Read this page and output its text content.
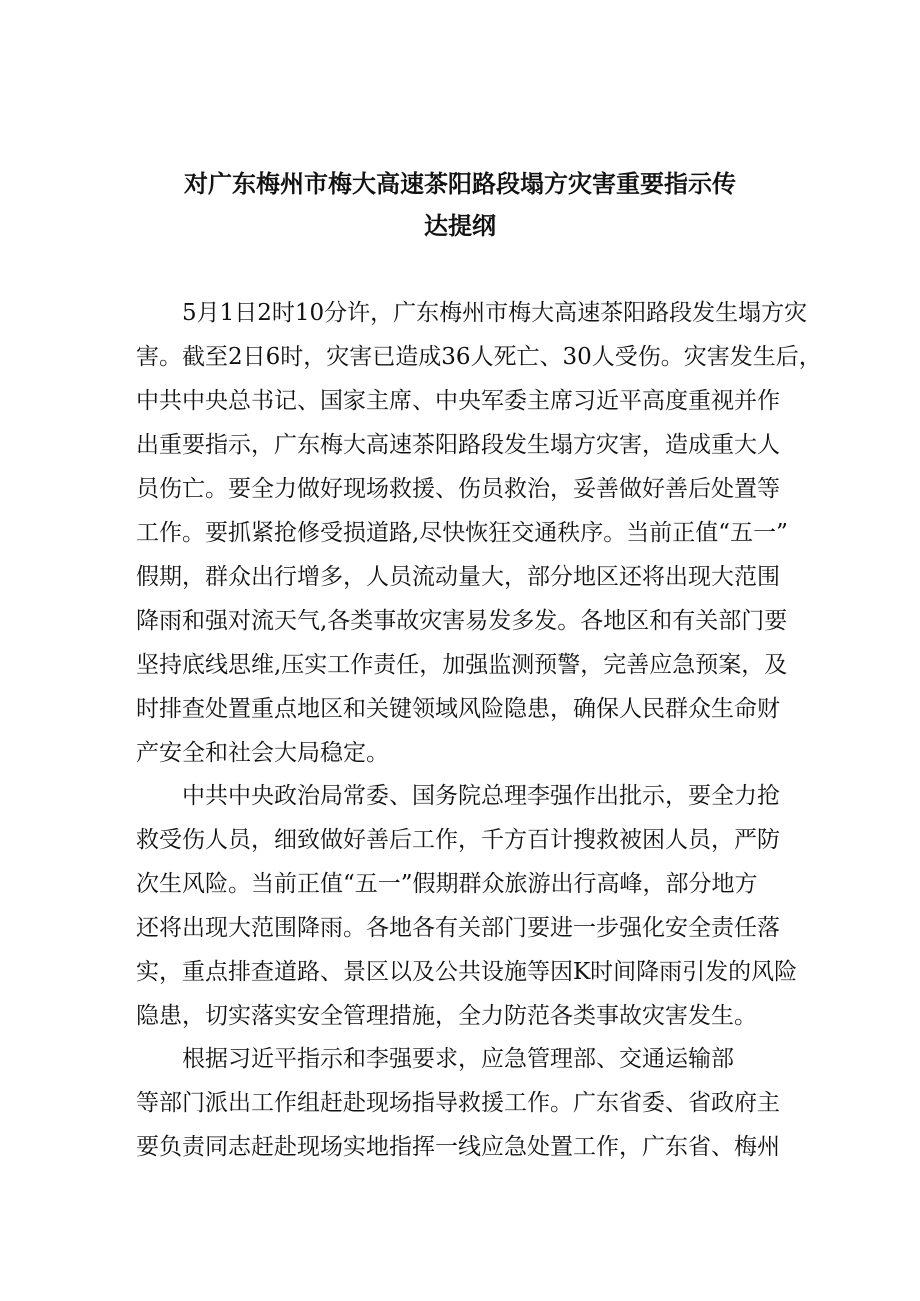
对广东梅州市梅大高速茶阳路段塌方灾害重要指示传
达提纲
5月1日2时10分许，广东梅州市梅大高速茶阳路段发生塌方灾
害。截至2日6时，灾害已造成36人死亡、30人受伤。灾害发生后，
中共中央总书记、国家主席、中央军委主席习近平高度重视并作
出重要指示，广东梅大高速茶阳路段发生塌方灾害，造成重大人
员伤亡。要全力做好现场救援、伤员救治，妥善做好善后处置等
工作。要抓紧抢修受损道路,尽快恢狂交通秩序。当前正值“五一”
假期，群众出行增多，人员流动量大，部分地区还将出现大范围
降雨和强对流天气,各类事故灾害易发多发。各地区和有关部门要
坚持底线思维,压实工作责任，加强监测预警，完善应急预案，及
时排查处置重点地区和关键领域风险隐患，确保人民群众生命财
产安全和社会大局稳定。
中共中央政治局常委、国务院总理李强作出批示，要全力抢
救受伤人员，细致做好善后工作，千方百计搜救被困人员，严防
次生风险。当前正值“五一”假期群众旅游出行高峰，部分地方
还将出现大范围降雨。各地各有关部门要进一步强化安全责任落
实，重点排查道路、景区以及公共设施等因K时间降雨引发的风险
隐患，切实落实安全管理措施，全力防范各类事故灾害发生。
根据习近平指示和李强要求，应急管理部、交通运输部
等部门派出工作组赶赴现场指导救援工作。广东省委、省政府主
要负责同志赶赴现场实地指挥一线应急处置工作，广东省、梅州
